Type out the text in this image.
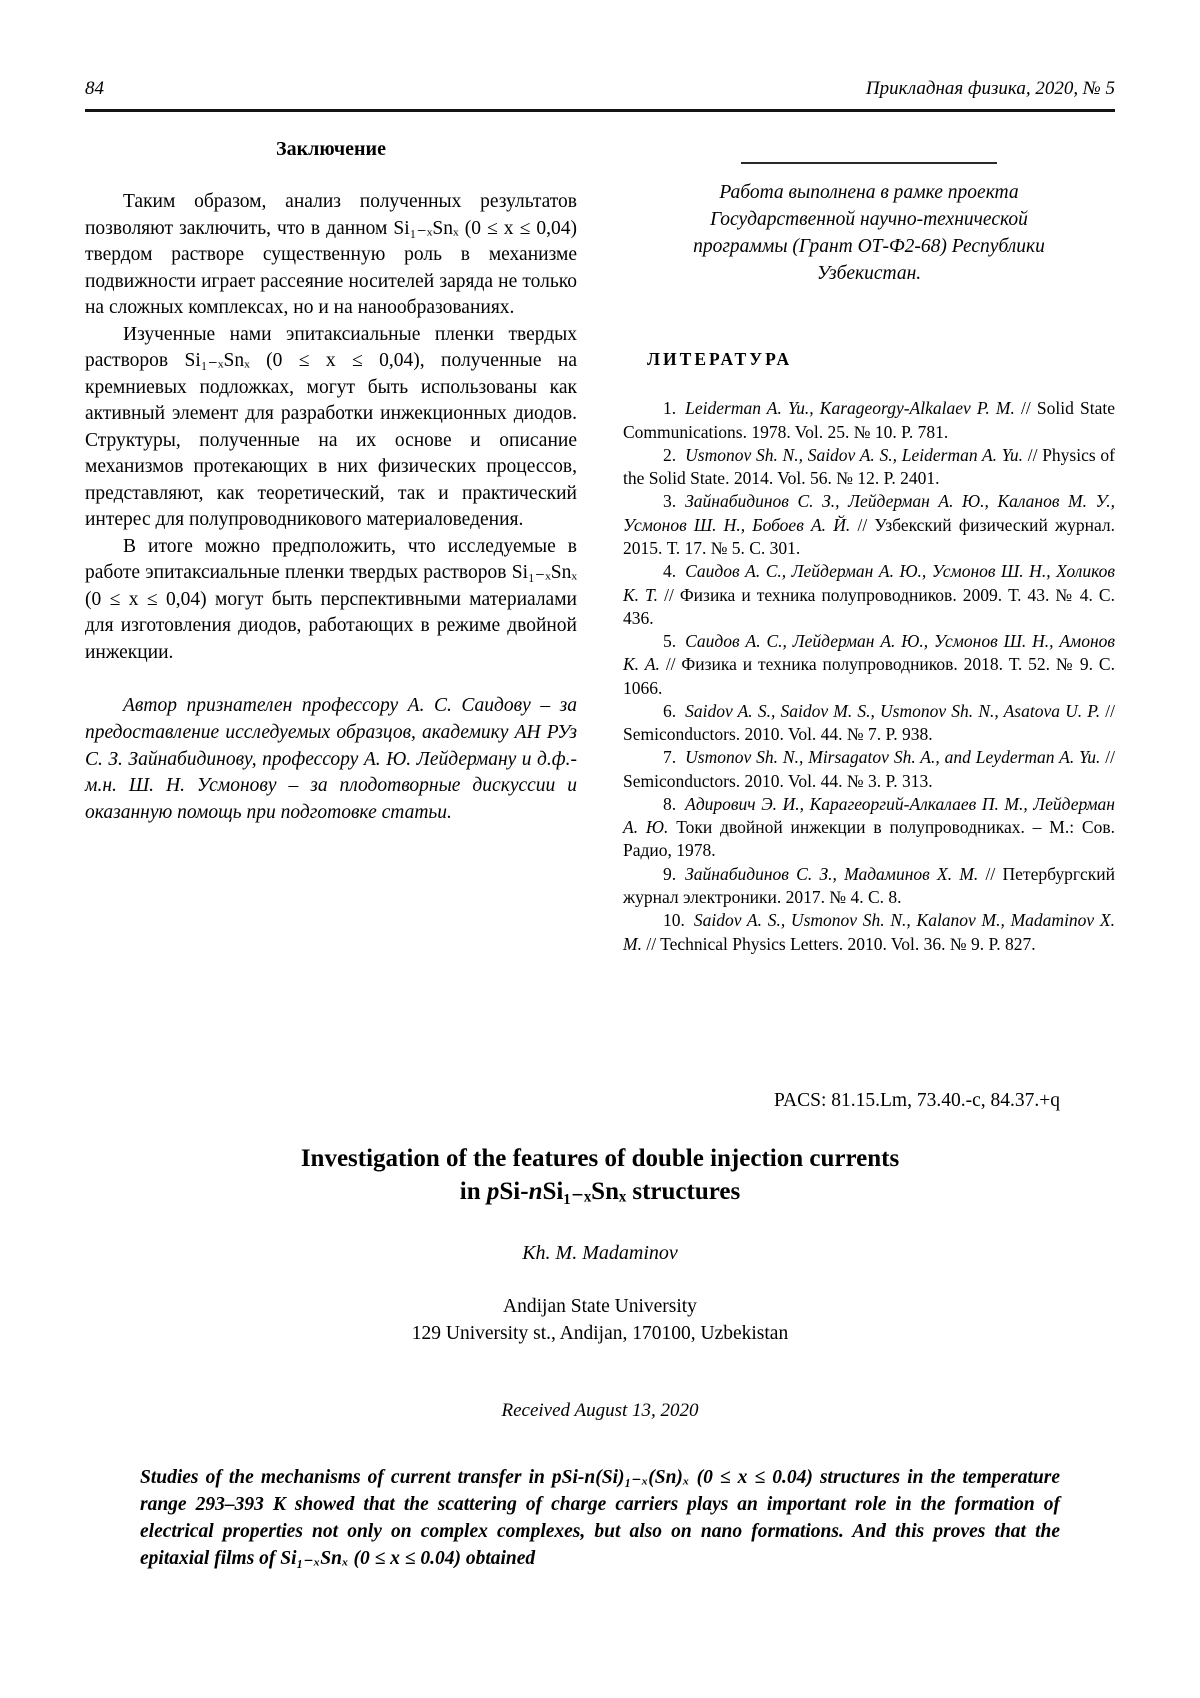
84	Прикладная физика, 2020, № 5
Заключение

Таким образом, анализ полученных результатов позволяют заключить, что в данном Si₁₋ₓSnₓ (0 ≤ x ≤ 0,04) твердом растворе существенную роль в механизме подвижности играет рассеяние носителей заряда не только на сложных комплексах, но и на нанообразованиях.

Изученные нами эпитаксиальные пленки твердых растворов Si₁₋ₓSnₓ (0 ≤ x ≤ 0,04), полученные на кремниевых подложках, могут быть использованы как активный элемент для разработки инжекционных диодов. Структуры, полученные на их основе и описание механизмов протекающих в них физических процессов, представляют, как теоретический, так и практический интерес для полупроводникового материаловедения.

В итоге можно предположить, что исследуемые в работе эпитаксиальные пленки твердых растворов Si₁₋ₓSnₓ (0 ≤ x ≤ 0,04) могут быть перспективными материалами для изготовления диодов, работающих в режиме двойной инжекции.

Автор признателен профессору А. С. Саидову – за предоставление исследуемых образцов, академику АН РУз С. З. Зайнабидинову, профессору А. Ю. Лейдерману и д.ф.-м.н. Ш. Н. Усмонову – за плодотворные дискуссии и оказанную помощь при подготовке статьи.

Работа выполнена в рамке проекта Государственной научно-технической программы (Грант ОТ-Ф2-68) Республики Узбекистан.
ЛИТЕРАТУРА

1. Leiderman A. Yu., Karageorgy-Alkalaev P. M. // Solid State Communications. 1978. Vol. 25. № 10. P. 781.

2. Usmonov Sh. N., Saidov A. S., Leiderman A. Yu. // Physics of the Solid State. 2014. Vol. 56. № 12. P. 2401.

3. Зайнабидинов С. З., Лейдерман А. Ю., Каланов М. У., Усмонов Ш. Н., Бобоев А. Й. // Узбекский физический журнал. 2015. Т. 17. № 5. С. 301.

4. Саидов А. С., Лейдерман А. Ю., Усмонов Ш. Н., Холиков К. Т. // Физика и техника полупроводников. 2009. Т. 43. № 4. С. 436.

5. Саидов А. С., Лейдерман А. Ю., Усмонов Ш. Н., Амонов К. А. // Физика и техника полупроводников. 2018. Т. 52. № 9. С. 1066.

6. Saidov A. S., Saidov M. S., Usmonov Sh. N., Asatova U. P. // Semiconductors. 2010. Vol. 44. № 7. P. 938.

7. Usmonov Sh. N., Mirsagatov Sh. A., and Leyderman A. Yu. // Semiconductors. 2010. Vol. 44. № 3. P. 313.

8. Адирович Э. И., Карагеоргий-Алкалаев П. М., Лейдерман А. Ю. Токи двойной инжекции в полупроводниках. – М.: Сов. Радио, 1978.

9. Зайнабидинов С. З., Мадаминов Х. М. // Петербургский журнал электроники. 2017. № 4. С. 8.

10. Saidov A. S., Usmonov Sh. N., Kalanov M., Madaminov X. M. // Technical Physics Letters. 2010. Vol. 36. № 9. P. 827.

PACS: 81.15.Lm, 73.40.-c, 84.37.+q
Investigation of the features of double injection currents
in pSi-nSi₁₋ₓSnₓ structures
Kh. M. Madaminov
Andijan State University
129 University st., Andijan, 170100, Uzbekistan
Received August 13, 2020

Studies of the mechanisms of current transfer in pSi-n(Si)₁₋ₓ(Sn)ₓ (0 ≤ x ≤ 0.04) structures in the temperature range 293–393 K showed that the scattering of charge carriers plays an important role in the formation of electrical properties not only on complex complexes, but also on nano formations. And this proves that the epitaxial films of Si₁₋ₓSnₓ (0 ≤ x ≤ 0.04) obtained
